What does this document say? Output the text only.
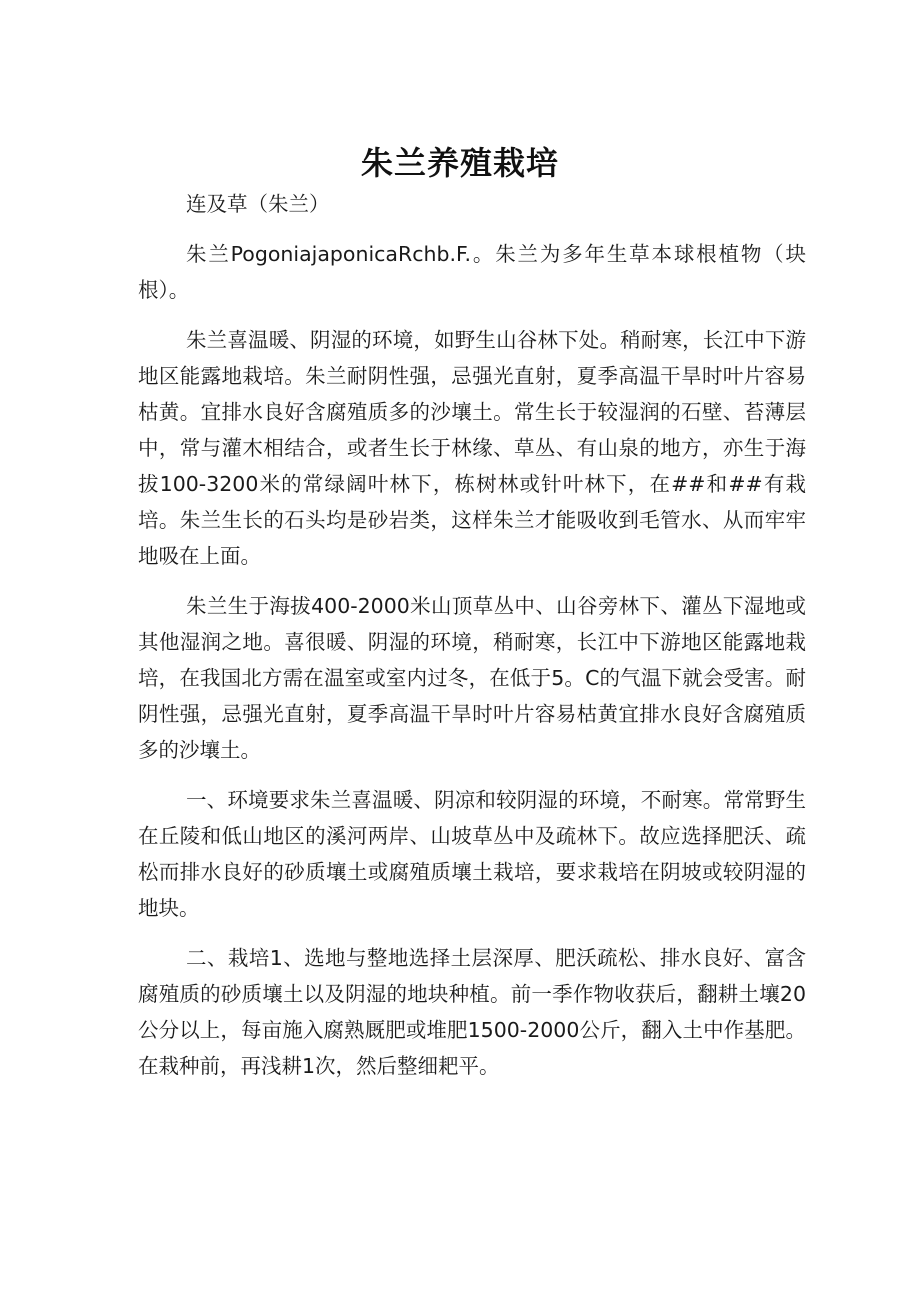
朱兰养殖栽培

连及草（朱兰）

朱兰PogoniajaponicaRchb.F.。朱兰为多年生草本球根植物（块根）。

朱兰喜温暖、阴湿的环境，如野生山谷林下处。稍耐寒，长江中下游地区能露地栽培。朱兰耐阴性强，忌强光直射，夏季高温干旱时叶片容易枯黄。宜排水良好含腐殖质多的沙壤土。常生长于较湿润的石壁、苔薄层中，常与灌木相结合，或者生长于林缘、草丛、有山泉的地方，亦生于海拔100-3200米的常绿阔叶林下，栋树林或针叶林下，在##和##有栽培。朱兰生长的石头均是砂岩类，这样朱兰才能吸收到毛管水、从而牢牢地吸在上面。

朱兰生于海拔400-2000米山顶草丛中、山谷旁林下、灌丛下湿地或其他湿润之地。喜很暖、阴湿的环境，稍耐寒，长江中下游地区能露地栽培，在我国北方需在温室或室内过冬，在低于5。C的气温下就会受害。耐阴性强，忌强光直射，夏季高温干旱时叶片容易枯黄宜排水良好含腐殖质多的沙壤土。

一、环境要求朱兰喜温暖、阴凉和较阴湿的环境，不耐寒。常常野生在丘陵和低山地区的溪河两岸、山坡草丛中及疏林下。故应选择肥沃、疏松而排水良好的砂质壤土或腐殖质壤土栽培，要求栽培在阴坡或较阴湿的地块。

二、栽培1、选地与整地选择土层深厚、肥沃疏松、排水良好、富含腐殖质的砂质壤土以及阴湿的地块种植。前一季作物收获后，翻耕土壤20公分以上，每亩施入腐熟厩肥或堆肥1500-2000公斤，翻入土中作基肥。在栽种前，再浅耕1次，然后整细耙平。
